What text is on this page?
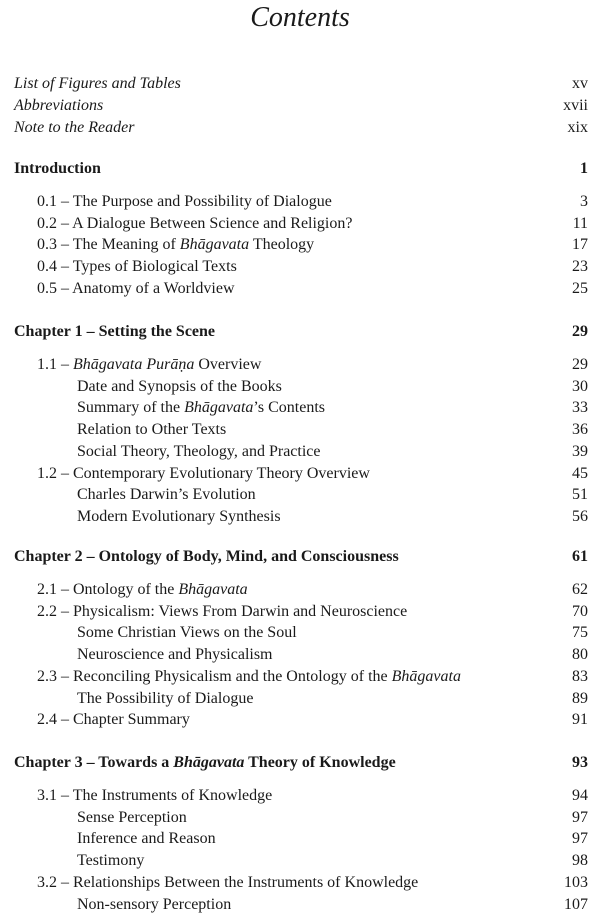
Contents
List of Figures and Tables	xv
Abbreviations	xvii
Note to the Reader	xix
Introduction	1
0.1 – The Purpose and Possibility of Dialogue	3
0.2 – A Dialogue Between Science and Religion?	11
0.3 – The Meaning of Bhāgavata Theology	17
0.4 – Types of Biological Texts	23
0.5 – Anatomy of a Worldview	25
Chapter 1 – Setting the Scene	29
1.1 – Bhāgavata Purāṇa Overview	29
Date and Synopsis of the Books	30
Summary of the Bhāgavata’s Contents	33
Relation to Other Texts	36
Social Theory, Theology, and Practice	39
1.2 – Contemporary Evolutionary Theory Overview	45
Charles Darwin’s Evolution	51
Modern Evolutionary Synthesis	56
Chapter 2 – Ontology of Body, Mind, and Consciousness	61
2.1 – Ontology of the Bhāgavata	62
2.2 – Physicalism: Views From Darwin and Neuroscience	70
Some Christian Views on the Soul	75
Neuroscience and Physicalism	80
2.3 – Reconciling Physicalism and the Ontology of the Bhāgavata	83
The Possibility of Dialogue	89
2.4 – Chapter Summary	91
Chapter 3 – Towards a Bhāgavata Theory of Knowledge	93
3.1 – The Instruments of Knowledge	94
Sense Perception	97
Inference and Reason	97
Testimony	98
3.2 – Relationships Between the Instruments of Knowledge	103
Non-sensory Perception	107
